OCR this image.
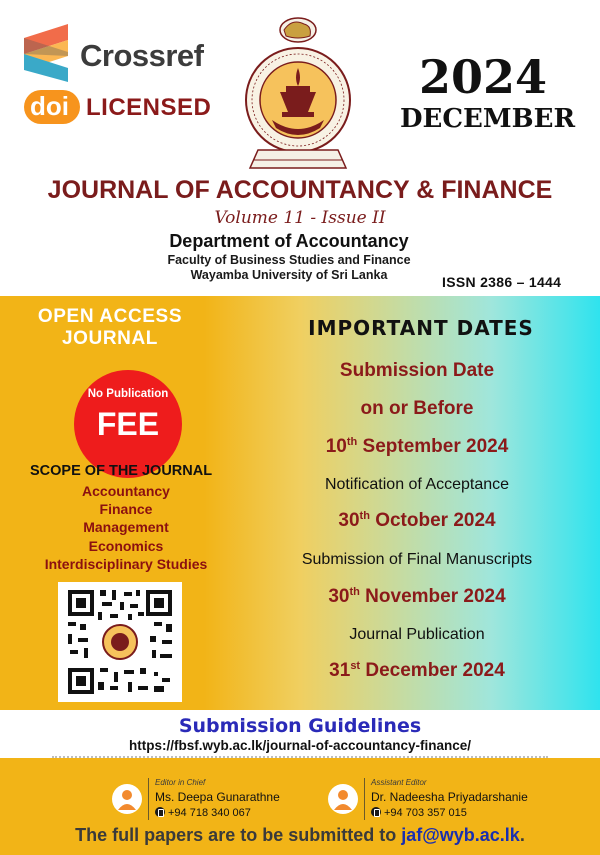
Crossref
doi LICENSED
2024
DECEMBER
JOURNAL OF ACCOUNTANCY & FINANCE
Volume 11 - Issue II
Department of Accountancy
Faculty of Business Studies and Finance
Wayamba University of Sri Lanka	ISSN 2386 – 1444
OPEN ACCESS
JOURNAL
No Publication
FEE
SCOPE OF THE JOURNAL
Accountancy
Finance
Management
Economics
Interdisciplinary Studies
IMPORTANT DATES
Submission Date
on or Before
10th September 2024
Notification of Acceptance
30th October 2024
Submission of Final Manuscripts
30th November 2024
Journal Publication
31st December 2024
Submission Guidelines
https://fbsf.wyb.ac.lk/journal-of-accountancy-finance/
Editor in Chief
Ms. Deepa Gunarathne
+94 718 340 067
Assistant Editor
Dr. Nadeesha Priyadarshanie
+94 703 357 015
The full papers are to be submitted to jaf@wyb.ac.lk.
